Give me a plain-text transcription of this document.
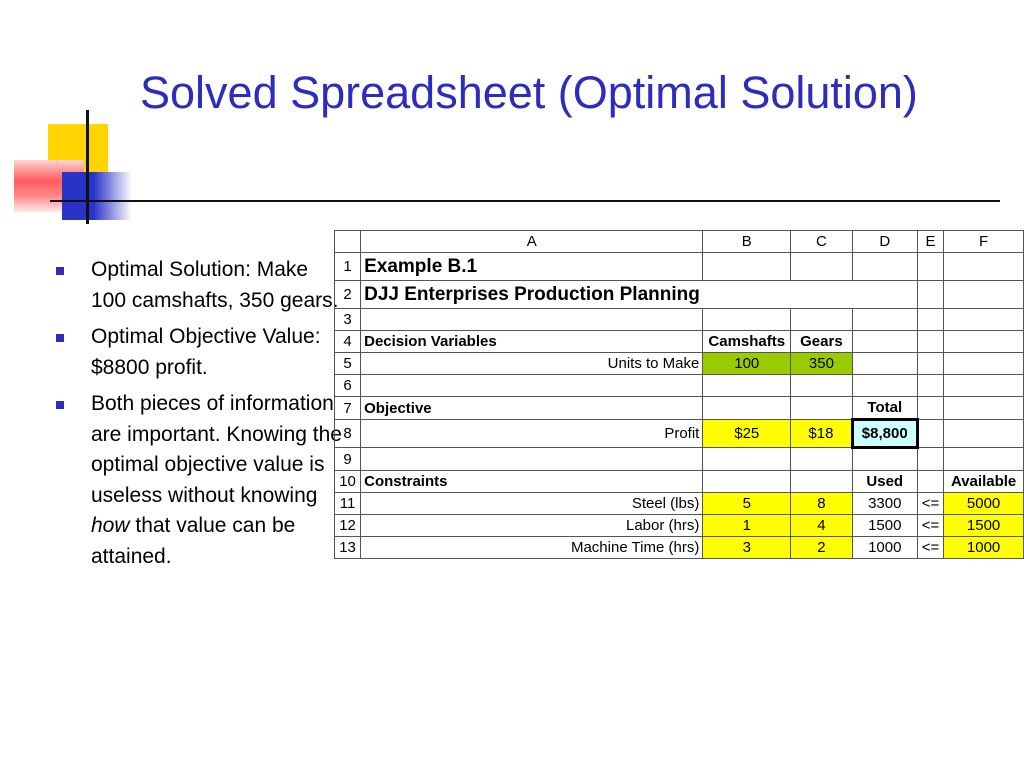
Solved Spreadsheet (Optimal Solution)
Optimal Solution: Make 100 camshafts, 350 gears.
Optimal Objective Value: $8800 profit.
Both pieces of information are important. Knowing the optimal objective value is useless without knowing how that value can be attained.
	A	B	C	D	E	F
1	Example B.1					
2	DJJ Enterprises Production Planning					
3						
4	Decision Variables	Camshafts	Gears			
5	Units to Make	100	350			
6						
7	Objective			Total		
8	Profit	$25	$18	$8,800		
9						
10	Constraints			Used		Available
11	Steel (lbs)	5	8	3300	<=	5000
12	Labor (hrs)	1	4	1500	<=	1500
13	Machine Time (hrs)	3	2	1000	<=	1000
